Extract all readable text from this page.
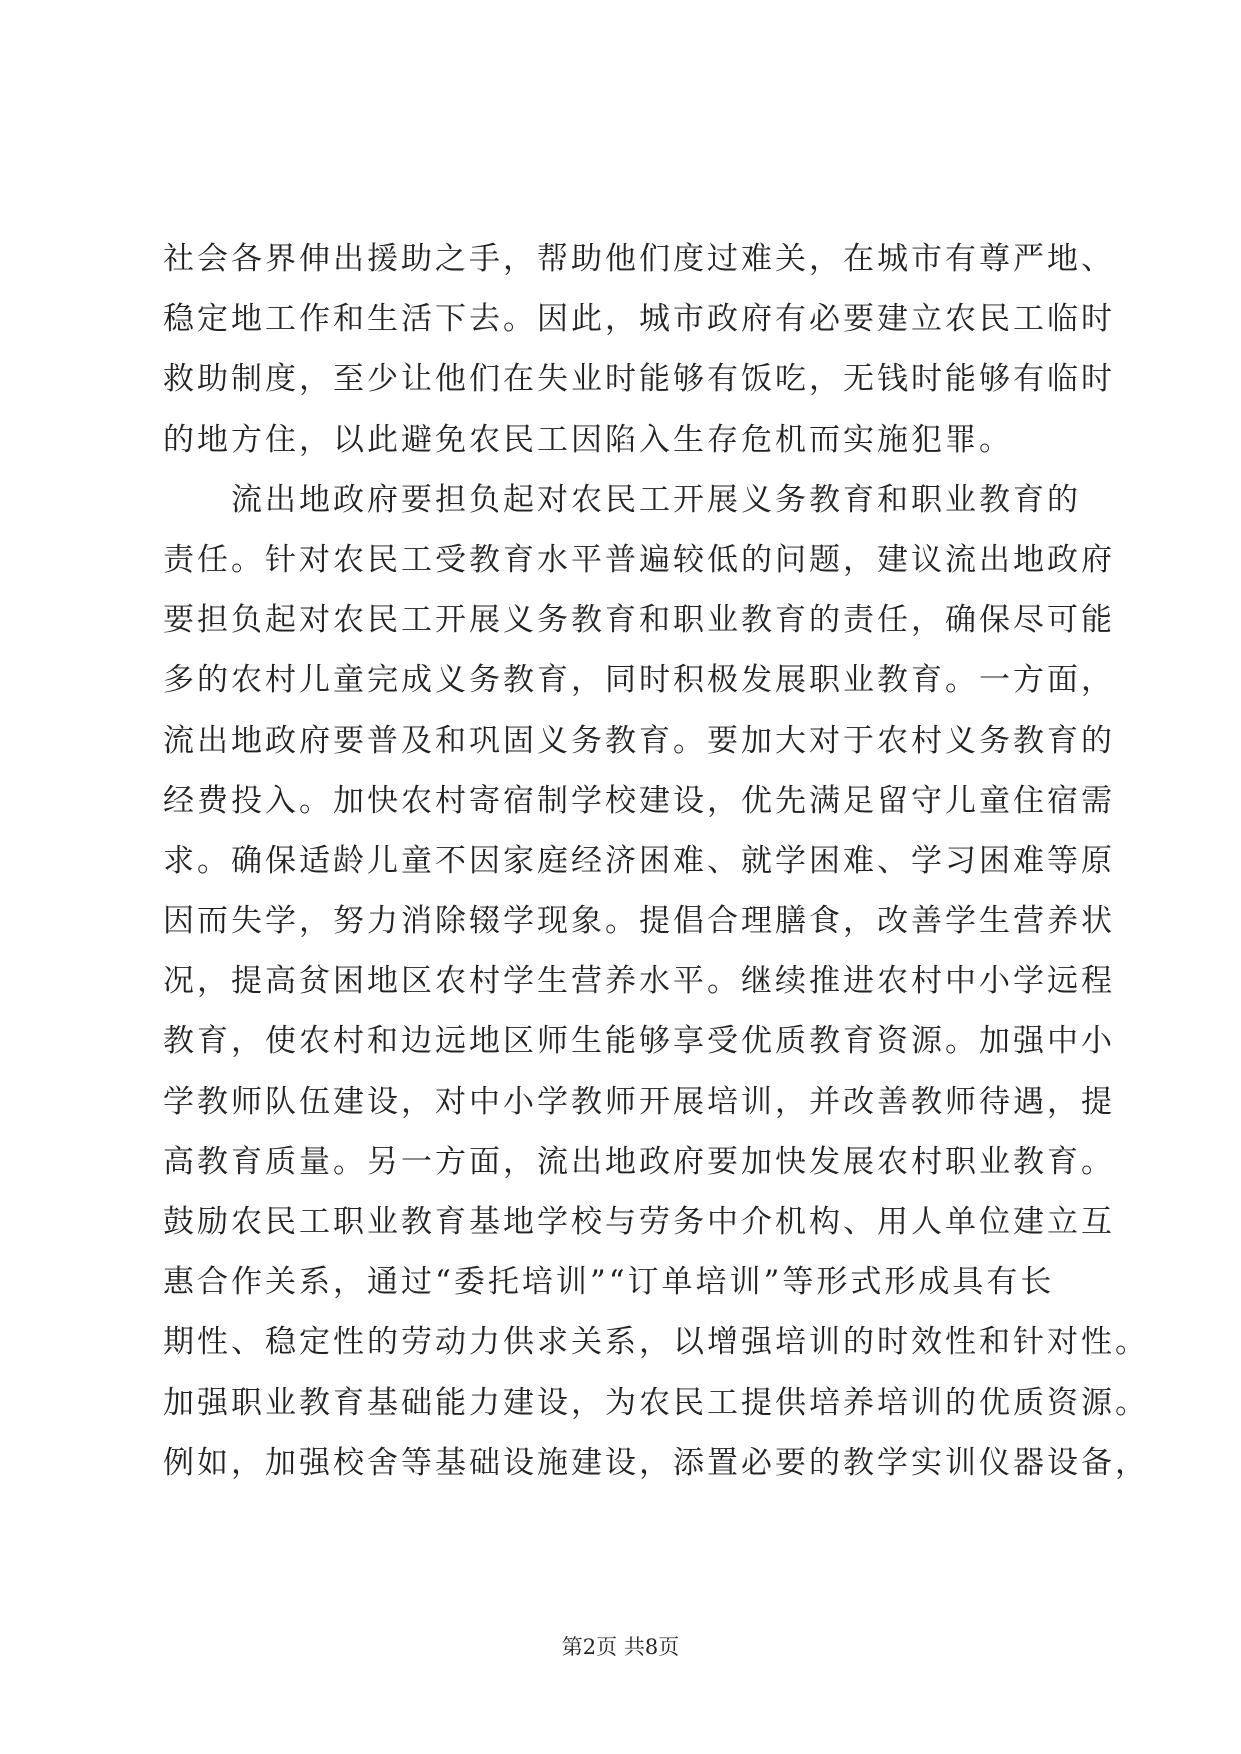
社会各界伸出援助之手，帮助他们度过难关，在城市有尊严地、
稳定地工作和生活下去。因此，城市政府有必要建立农民工临时
救助制度，至少让他们在失业时能够有饭吃，无钱时能够有临时
的地方住，以此避免农民工因陷入生存危机而实施犯罪。
　　流出地政府要担负起对农民工开展义务教育和职业教育的
责任。针对农民工受教育水平普遍较低的问题，建议流出地政府
要担负起对农民工开展义务教育和职业教育的责任，确保尽可能
多的农村儿童完成义务教育，同时积极发展职业教育。一方面，
流出地政府要普及和巩固义务教育。要加大对于农村义务教育的
经费投入。加快农村寄宿制学校建设，优先满足留守儿童住宿需
求。确保适龄儿童不因家庭经济困难、就学困难、学习困难等原
因而失学，努力消除辍学现象。提倡合理膳食，改善学生营养状
况，提高贫困地区农村学生营养水平。继续推进农村中小学远程
教育，使农村和边远地区师生能够享受优质教育资源。加强中小
学教师队伍建设，对中小学教师开展培训，并改善教师待遇，提
高教育质量。另一方面，流出地政府要加快发展农村职业教育。
鼓励农民工职业教育基地学校与劳务中介机构、用人单位建立互
惠合作关系，通过“委托培训”“订单培训”等形式形成具有长
期性、稳定性的劳动力供求关系，以增强培训的时效性和针对性。
加强职业教育基础能力建设，为农民工提供培养培训的优质资源。
例如，加强校舍等基础设施建设，添置必要的教学实训仪器设备，
第2页 共8页
